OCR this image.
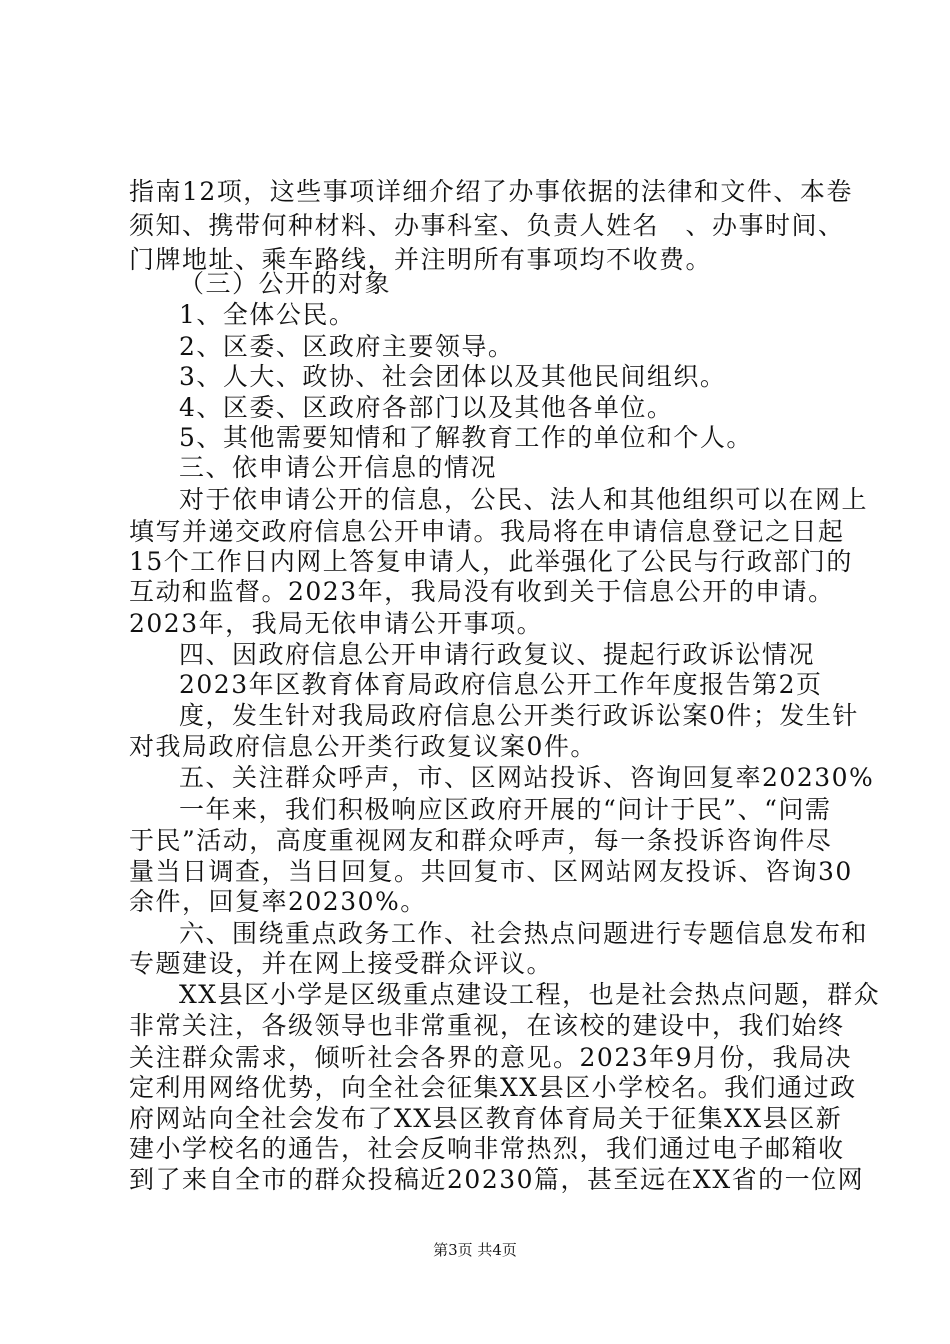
指南12项，这些事项详细介绍了办事依据的法律和文件、本卷
须知、携带何种材料、办事科室、负责人姓名　、办事时间、
门牌地址、乘车路线，并注明所有事项均不收费。
（三）公开的对象
1、全体公民。
2、区委、区政府主要领导。
3、人大、政协、社会团体以及其他民间组织。
4、区委、区政府各部门以及其他各单位。
5、其他需要知情和了解教育工作的单位和个人。
三、依申请公开信息的情况
对于依申请公开的信息，公民、法人和其他组织可以在网上
填写并递交政府信息公开申请。我局将在申请信息登记之日起
15个工作日内网上答复申请人，此举强化了公民与行政部门的
互动和监督。2023年，我局没有收到关于信息公开的申请。
2023年，我局无依申请公开事项。
四、因政府信息公开申请行政复议、提起行政诉讼情况
2023年区教育体育局政府信息公开工作年度报告第2页
度，发生针对我局政府信息公开类行政诉讼案0件；发生针
对我局政府信息公开类行政复议案0件。
五、关注群众呼声，市、区网站投诉、咨询回复率20230%
一年来，我们积极响应区政府开展的“问计于民”、“问需
于民”活动，高度重视网友和群众呼声，每一条投诉咨询件尽
量当日调查，当日回复。共回复市、区网站网友投诉、咨询30
余件，回复率20230%。
六、围绕重点政务工作、社会热点问题进行专题信息发布和
专题建设，并在网上接受群众评议。
XX县区小学是区级重点建设工程，也是社会热点问题，群众
非常关注，各级领导也非常重视，在该校的建设中，我们始终
关注群众需求，倾听社会各界的意见。2023年9月份，我局决
定利用网络优势，向全社会征集XX县区小学校名。我们通过政
府网站向全社会发布了XX县区教育体育局关于征集XX县区新
建小学校名的通告，社会反响非常热烈，我们通过电子邮箱收
到了来自全市的群众投稿近20230篇，甚至远在XX省的一位网
第3页 共4页
